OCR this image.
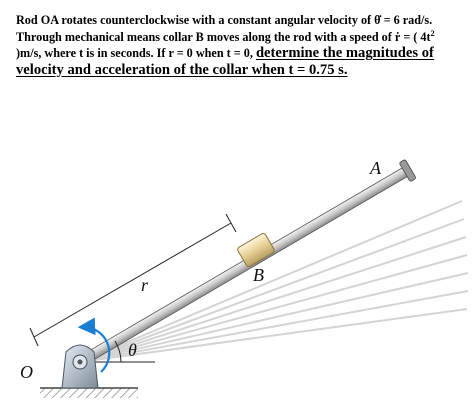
Rod OA rotates counterclockwise with a constant angular velocity of θ̇ = 6 rad/s. Through mechanical means collar B moves along the rod with a speed of ṙ = ( $4t^2$ )m/s, where t is in seconds. If r = 0 when t = 0, determine the magnitudes of velocity and acceleration of the collar when t = 0.75 s.
A
B
O
r
θ
